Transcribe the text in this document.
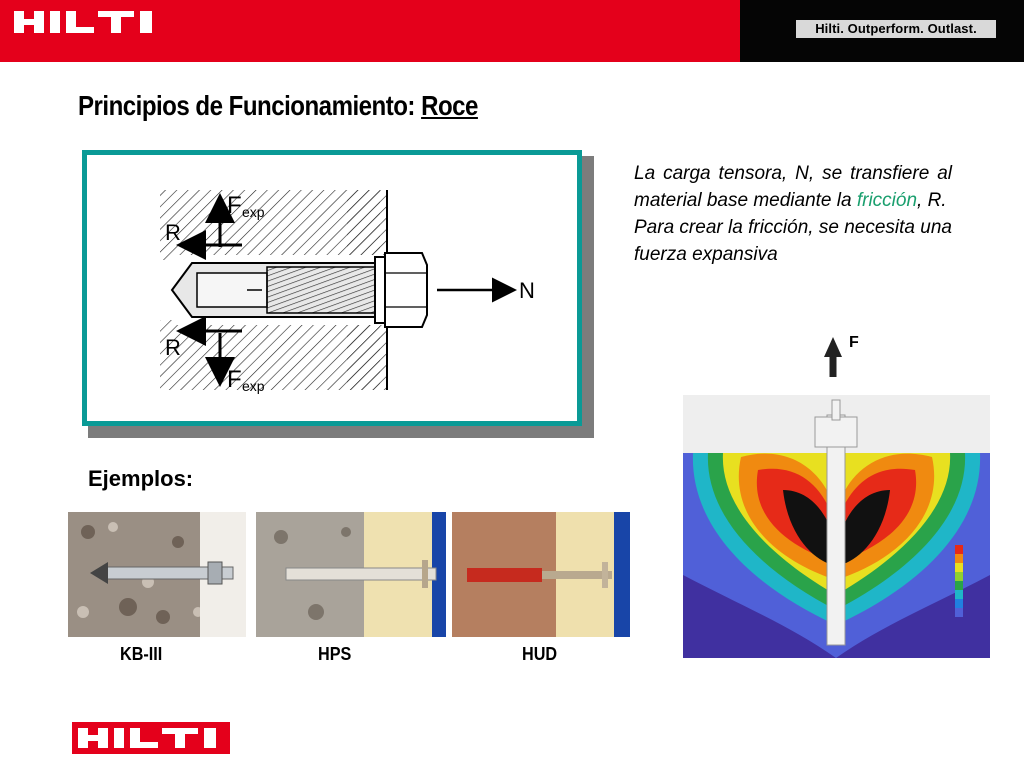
Hilti. Outperform. Outlast.
Principios de Funcionamiento: Roce
F exp
R
R
F exp
N

La carga tensora, N, se transfiere al material base mediante la fricción, R.

Para crear la fricción, se necesita una fuerza expansiva

F
Ejemplos:
KB-III	HPS	HUD
